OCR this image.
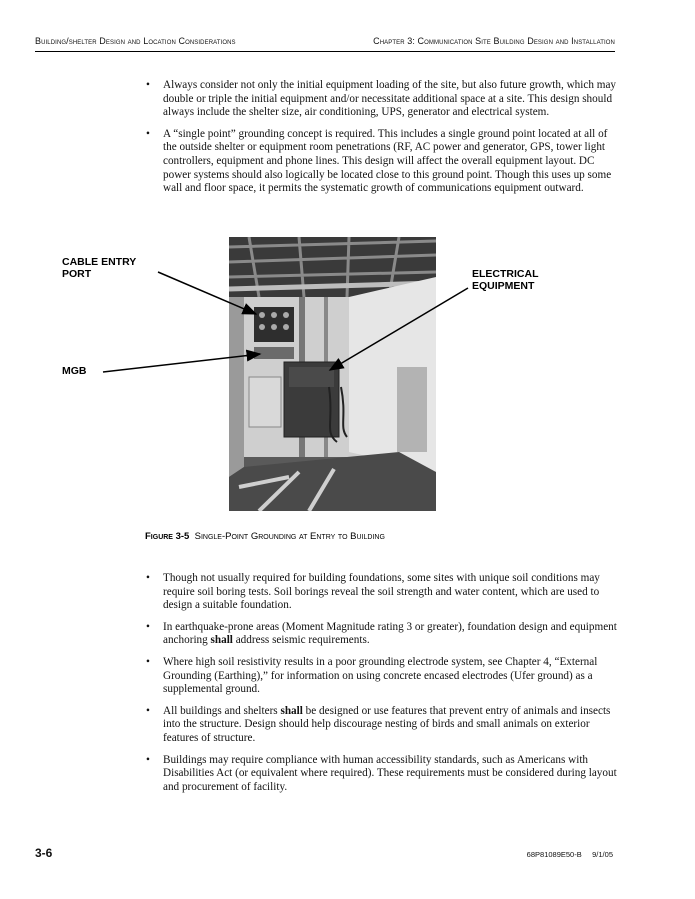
Building/shelter Design and Location Considerations	Chapter 3: Communication Site Building Design and Installation
• Always consider not only the initial equipment loading of the site, but also future growth, which may double or triple the initial equipment and/or necessitate additional space at a site. This design should always include the shelter size, air conditioning, UPS, generator and electrical system.
• A “single point” grounding concept is required. This includes a single ground point located at all of the outside shelter or equipment room penetrations (RF, AC power and generator, GPS, tower light controllers, equipment and phone lines. This design will affect the overall equipment layout. DC power systems should also logically be located close to this ground point. Though this uses up some wall and floor space, it permits the systematic growth of communications equipment outward.
CABLE ENTRY
PORT
MGB
ELECTRICAL
EQUIPMENT
Figure 3-5 Single-Point Grounding at Entry to Building
• Though not usually required for building foundations, some sites with unique soil conditions may require soil boring tests. Soil borings reveal the soil strength and water content, which are used to design a suitable foundation.
• In earthquake-prone areas (Moment Magnitude rating 3 or greater), foundation design and equipment anchoring shall address seismic requirements.
• Where high soil resistivity results in a poor grounding electrode system, see Chapter 4, “External Grounding (Earthing),” for information on using concrete encased electrodes (Ufer ground) as a supplemental ground.
• All buildings and shelters shall be designed or use features that prevent entry of animals and insects into the structure. Design should help discourage nesting of birds and small animals on exterior features of structure.
• Buildings may require compliance with human accessibility standards, such as Americans with Disabilities Act (or equivalent where required). These requirements must be considered during layout and procurement of facility.
3-6	68P81089E50-B     9/1/05
